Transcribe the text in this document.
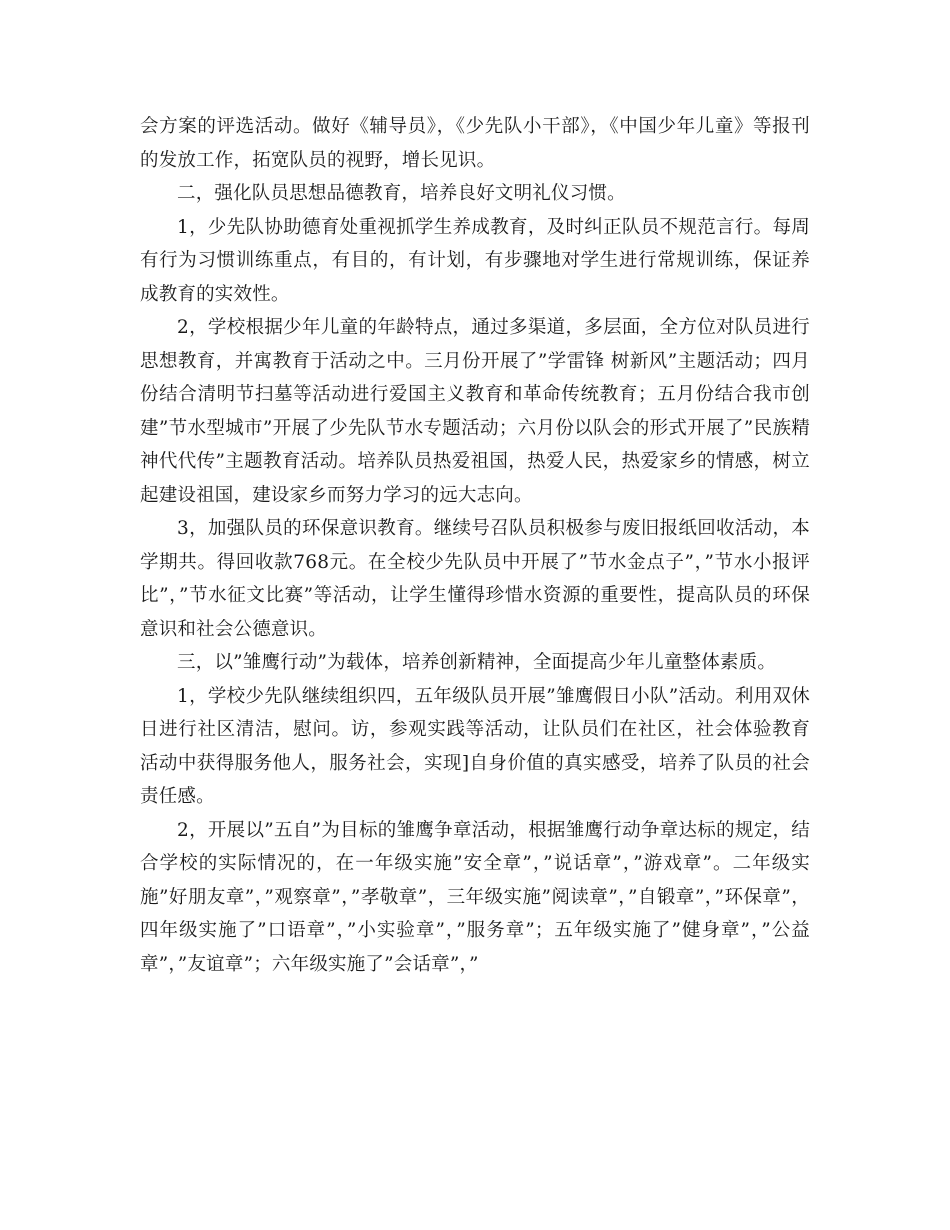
会方案的评选活动。做好《辅导员》，《少先队小干部》，《中国少年儿童》等报刊的发放工作，拓宽队员的视野，增长见识。

二，强化队员思想品德教育，培养良好文明礼仪习惯。

1，少先队协助德育处重视抓学生养成教育，及时纠正队员不规范言行。每周有行为习惯训练重点，有目的，有计划，有步骤地对学生进行常规训练，保证养成教育的实效性。

2，学校根据少年儿童的年龄特点，通过多渠道，多层面，全方位对队员进行思想教育，并寓教育于活动之中。三月份开展了”学雷锋 树新风”主题活动；四月份结合清明节扫墓等活动进行爱国主义教育和革命传统教育；五月份结合我市创建”节水型城市”开展了少先队节水专题活动；六月份以队会的形式开展了”民族精神代代传”主题教育活动。培养队员热爱祖国，热爱人民，热爱家乡的情感，树立起建设祖国，建设家乡而努力学习的远大志向。

3，加强队员的环保意识教育。继续号召队员积极参与废旧报纸回收活动，本学期共。得回收款768元。在全校少先队员中开展了”节水金点子”，”节水小报评比”，”节水征文比赛”等活动，让学生懂得珍惜水资源的重要性，提高队员的环保意识和社会公德意识。

三，以”雏鹰行动”为载体，培养创新精神，全面提高少年儿童整体素质。

1，学校少先队继续组织四，五年级队员开展”雏鹰假日小队”活动。利用双休日进行社区清洁，慰问。访，参观实践等活动，让队员们在社区，社会体验教育活动中获得服务他人，服务社会，实现]自身价值的真实感受，培养了队员的社会责任感。

2，开展以”五自”为目标的雏鹰争章活动，根据雏鹰行动争章达标的规定，结合学校的实际情况的，在一年级实施”安全章”，”说话章”，”游戏章”。二年级实施”好朋友章”，”观察章”，”孝敬章”，三年级实施”阅读章”，”自锻章”，”环保章”，四年级实施了”口语章”，”小实验章”，”服务章”；五年级实施了”健身章”，”公益章”，”友谊章”；六年级实施了”会话章”，”
